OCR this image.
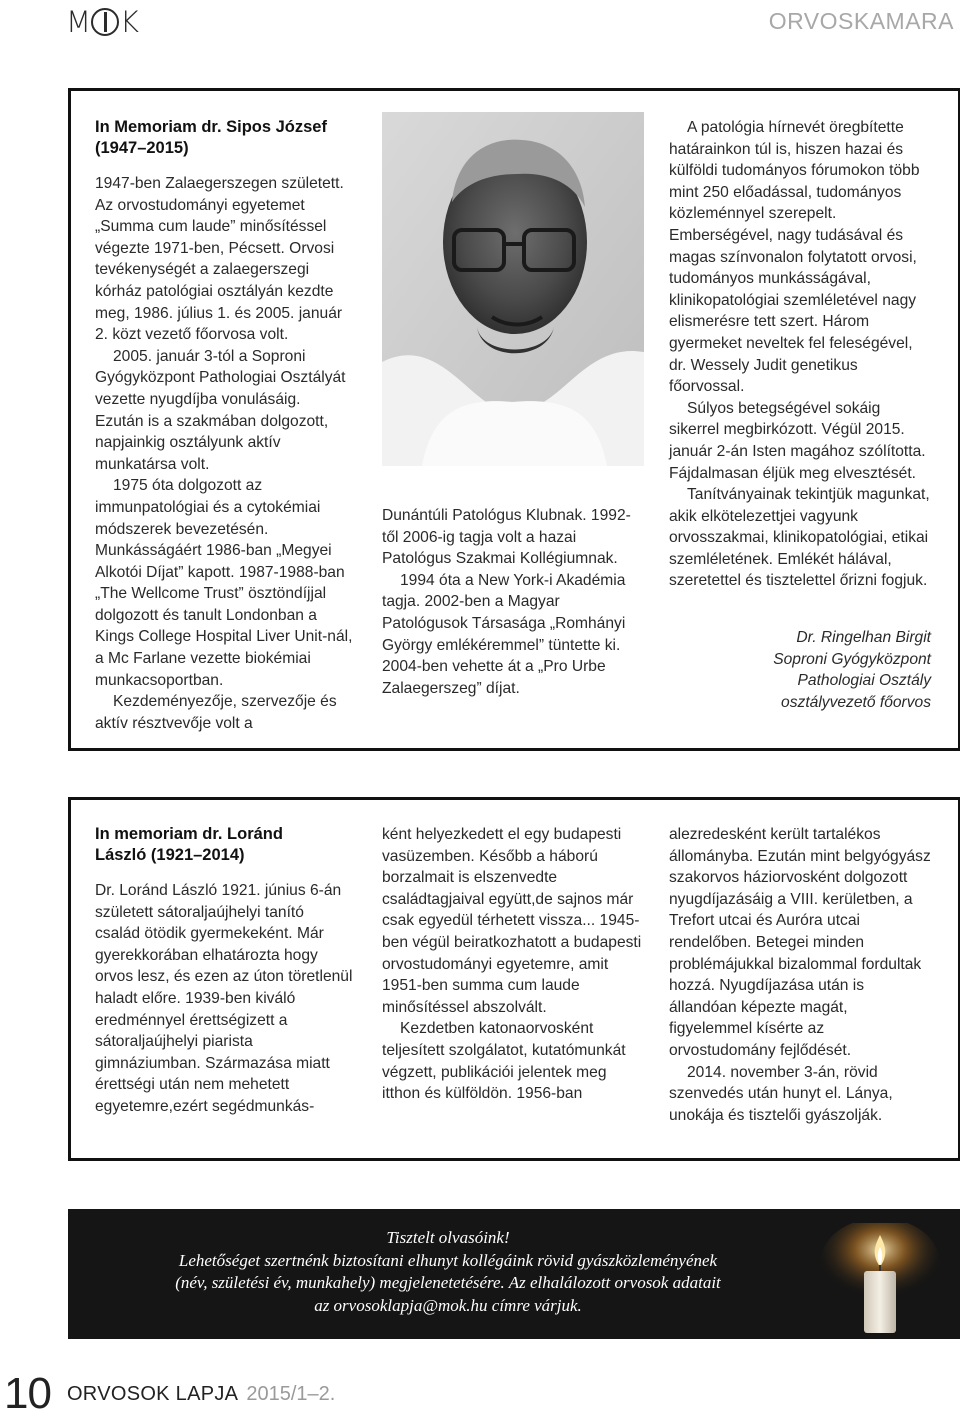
M K	ORVOSKAMARA

In Memoriam dr. Sipos József
(1947–2015)

1947-ben Zalaegerszegen született. Az orvostudományi egyetemet „Summa cum laude” minősítéssel végezte 1971-ben, Pécsett. Orvosi tevékenységét a zalaegerszegi kórház patológiai osztályán kezdte meg, 1986. július 1. és 2005. január 2. közt vezető főorvosa volt.

2005. január 3-tól a Soproni Gyógyközpont Pathologiai Osztályát vezette nyugdíjba vonulásáig. Ezután is a szakmában dolgozott, napjainkig osztályunk aktív munkatársa volt.

1975 óta dolgozott az immunpatológiai és a cytokémiai módszerek bevezetésén. Munkásságáért 1986-ban „Megyei Alkotói Díjat” kapott. 1987-1988-ban „The Wellcome Trust” ösztöndíjjal dolgozott és tanult Londonban a Kings College Hospital Liver Unit-nál, a Mc Farlane vezette biokémiai munkacsoportban.

Kezdeményezője, szervezője és aktív résztvevője volt a

Dunántúli Patológus Klubnak. 1992-től 2006-ig tagja volt a hazai Patológus Szakmai Kollégiumnak.

1994 óta a New York-i Akadémia tagja. 2002-ben a Magyar Patológusok Társasága „Romhányi György emlékéremmel” tüntette ki. 2004-ben vehette át a „Pro Urbe Zalaegerszeg” díjat.

A patológia hírnevét öregbítette határainkon túl is, hiszen hazai és külföldi tudományos fórumokon több mint 250 előadással, tudományos közleménnyel szerepelt.

Emberségével, nagy tudásával és magas színvonalon folytatott orvosi, tudományos munkásságával, klinikopatológiai szemléletével nagy elismerésre tett szert. Három gyermeket neveltek fel feleségével, dr. Wessely Judit genetikus főorvossal.

Súlyos betegségével sokáig sikerrel megbirkózott. Végül 2015. január 2-án Isten magához szólította. Fájdalmasan éljük meg elvesztését.

Tanítványainak tekintjük magunkat, akik elkötelezettjei vagyunk orvosszakmai, klinikopatológiai, etikai szemléletének. Emlékét hálával, szeretettel és tisztelettel őrizni fogjuk.

Dr. Ringelhan Birgit

Soproni Gyógyközpont

Pathologiai Osztály

osztályvezető főorvos

In memoriam dr. Loránd
László (1921–2014)

Dr. Loránd László 1921. június 6-án született sátoraljaújhelyi tanító család ötödik gyermekeként. Már gyerekkorában elhatározta hogy orvos lesz, és ezen az úton töretlenül haladt előre. 1939-ben kiváló eredménnyel érettségizett a sátoraljaújhelyi piarista gimnáziumban. Származása miatt érettségi után nem mehetett egyetemre,ezért segédmunkás-

ként helyezkedett el egy budapesti vasüzemben. Később a háború borzalmait is elszenvedte családtagjaival együtt,de sajnos már csak egyedül térhetett vissza... 1945-ben végül beiratkozhatott a budapesti orvostudományi egyetemre, amit 1951-ben summa cum laude minősítéssel abszolvált.

Kezdetben katonaorvosként teljesített szolgálatot, kutatómunkát végzett, publikációi jelentek meg itthon és külföldön. 1956-ban

alezredesként került tartalékos állományba. Ezután mint belgyógyász szakorvos háziorvosként dolgozott nyugdíjazásáig a VIII. kerületben, a Trefort utcai és Auróra utcai rendelőben. Betegei minden problémájukkal bizalommal fordultak hozzá. Nyugdíjazása után is állandóan képezte magát, figyelemmel kísérte az orvostudomány fejlődését.

2014. november 3-án, rövid szenvedés után hunyt el. Lánya, unokája és tisztelői gyászolják.

Tisztelt olvasóink!
Lehetőséget szertnénk biztosítani elhunyt kollégáink rövid gyászközleményének
(név, születési év, munkahely) megjelenetetésére. Az elhalálozott orvosok adatait
az orvosoklapja@mok.hu címre várjuk.
10 ORVOSOK LAPJA 2015/1–2.
